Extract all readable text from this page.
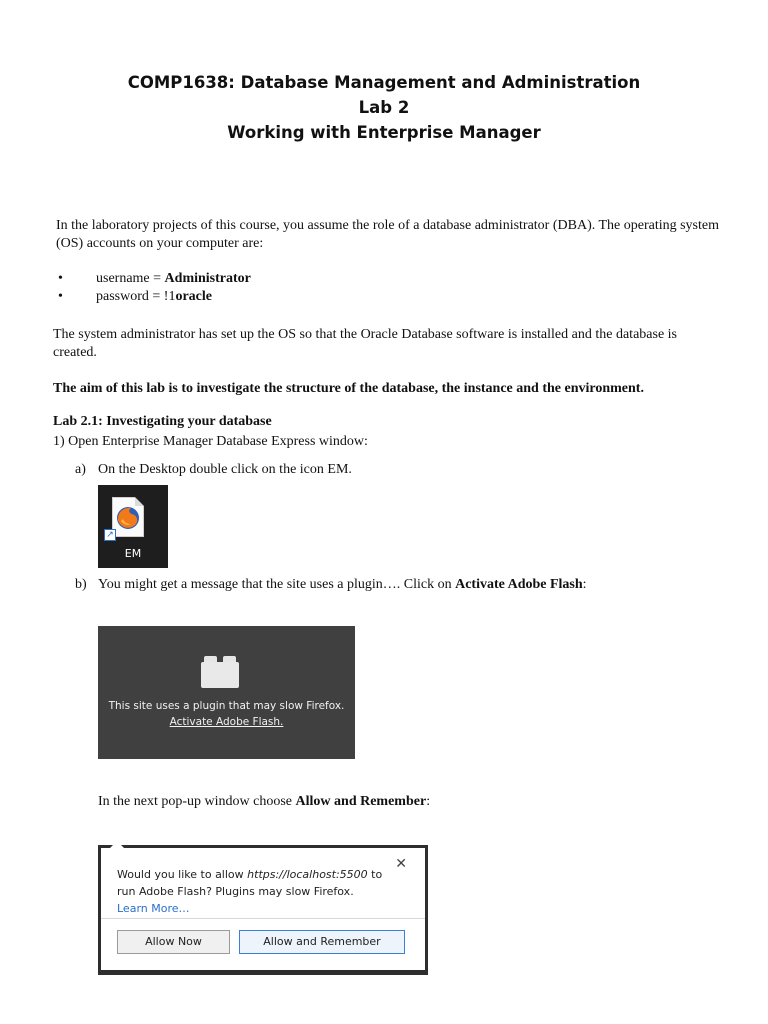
COMP1638: Database Management and Administration
Lab 2
Working with Enterprise Manager
In the laboratory projects of this course, you assume the role of a database administrator (DBA). The operating system (OS) accounts on your computer are:
• username = Administrator
• password = !1oracle
The system administrator has set up the OS so that the Oracle Database software is installed and the database is created.
The aim of this lab is to investigate the structure of the database, the instance and the environment.
Lab 2.1: Investigating your database
1) Open Enterprise Manager Database Express window:
a) On the Desktop double click on the icon EM.
↗
EM
b) You might get a message that the site uses a plugin…. Click on Activate Adobe Flash:
This site uses a plugin that may slow Firefox.
Activate Adobe Flash.
In the next pop-up window choose Allow and Remember:
✕
Would you like to allow https://localhost:5500 to run Adobe Flash? Plugins may slow Firefox. Learn More…
Allow Now	Allow and Remember
